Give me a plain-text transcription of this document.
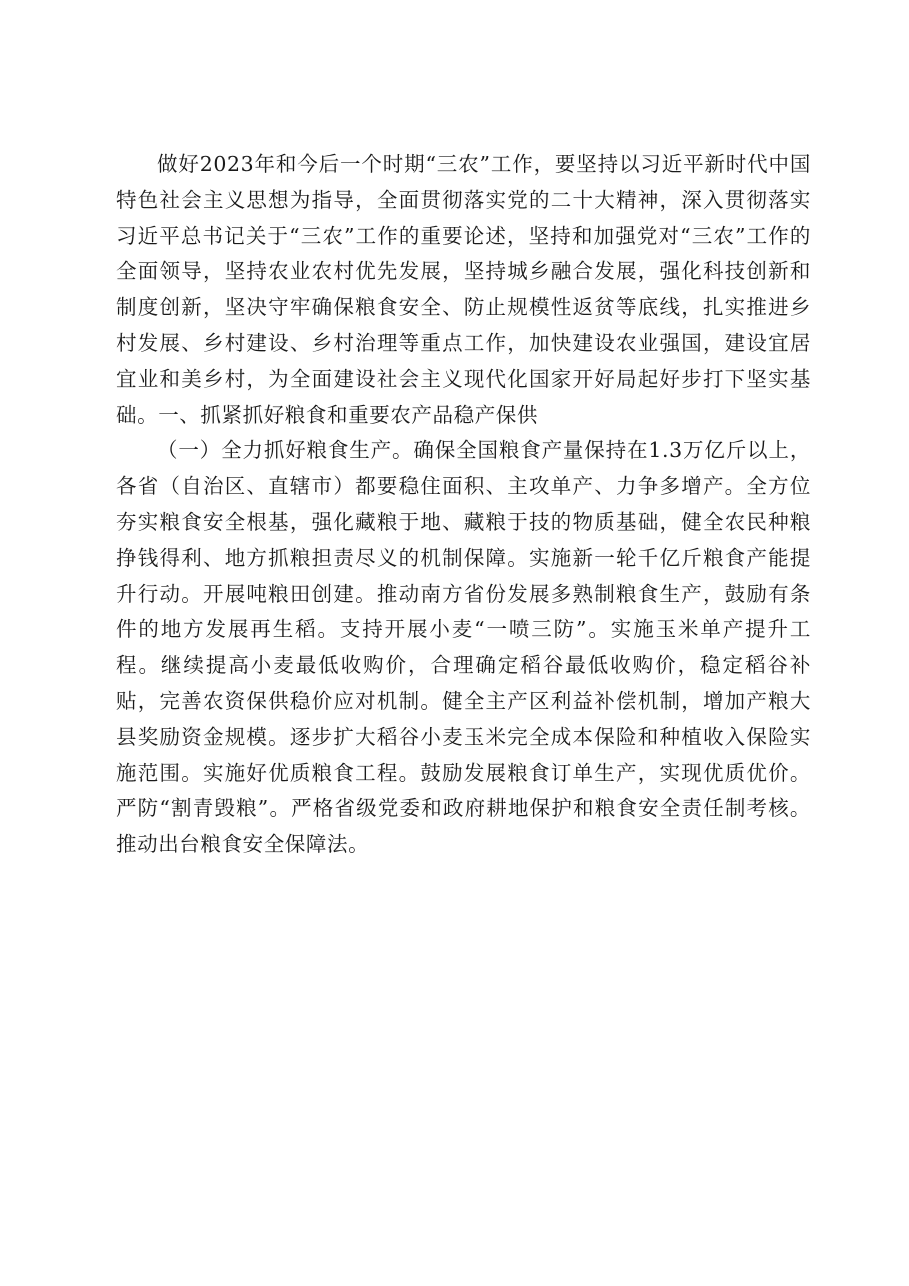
做好2023年和今后一个时期“三农”工作，要坚持以习近平新时代中国特色社会主义思想为指导，全面贯彻落实党的二十大精神，深入贯彻落实习近平总书记关于“三农”工作的重要论述，坚持和加强党对“三农”工作的全面领导，坚持农业农村优先发展，坚持城乡融合发展，强化科技创新和制度创新，坚决守牢确保粮食安全、防止规模性返贫等底线，扎实推进乡村发展、乡村建设、乡村治理等重点工作，加快建设农业强国，建设宜居宜业和美乡村，为全面建设社会主义现代化国家开好局起好步打下坚实基础。一、抓紧抓好粮食和重要农产品稳产保供

（一）全力抓好粮食生产。确保全国粮食产量保持在1.3万亿斤以上，各省（自治区、直辖市）都要稳住面积、主攻单产、力争多增产。全方位夯实粮食安全根基，强化藏粮于地、藏粮于技的物质基础，健全农民种粮挣钱得利、地方抓粮担责尽义的机制保障。实施新一轮千亿斤粮食产能提升行动。开展吨粮田创建。推动南方省份发展多熟制粮食生产，鼓励有条件的地方发展再生稻。支持开展小麦“一喷三防”。实施玉米单产提升工程。继续提高小麦最低收购价，合理确定稻谷最低收购价，稳定稻谷补贴，完善农资保供稳价应对机制。健全主产区利益补偿机制，增加产粮大县奖励资金规模。逐步扩大稻谷小麦玉米完全成本保险和种植收入保险实施范围。实施好优质粮食工程。鼓励发展粮食订单生产，实现优质优价。严防“割青毁粮”。严格省级党委和政府耕地保护和粮食安全责任制考核。推动出台粮食安全保障法。
